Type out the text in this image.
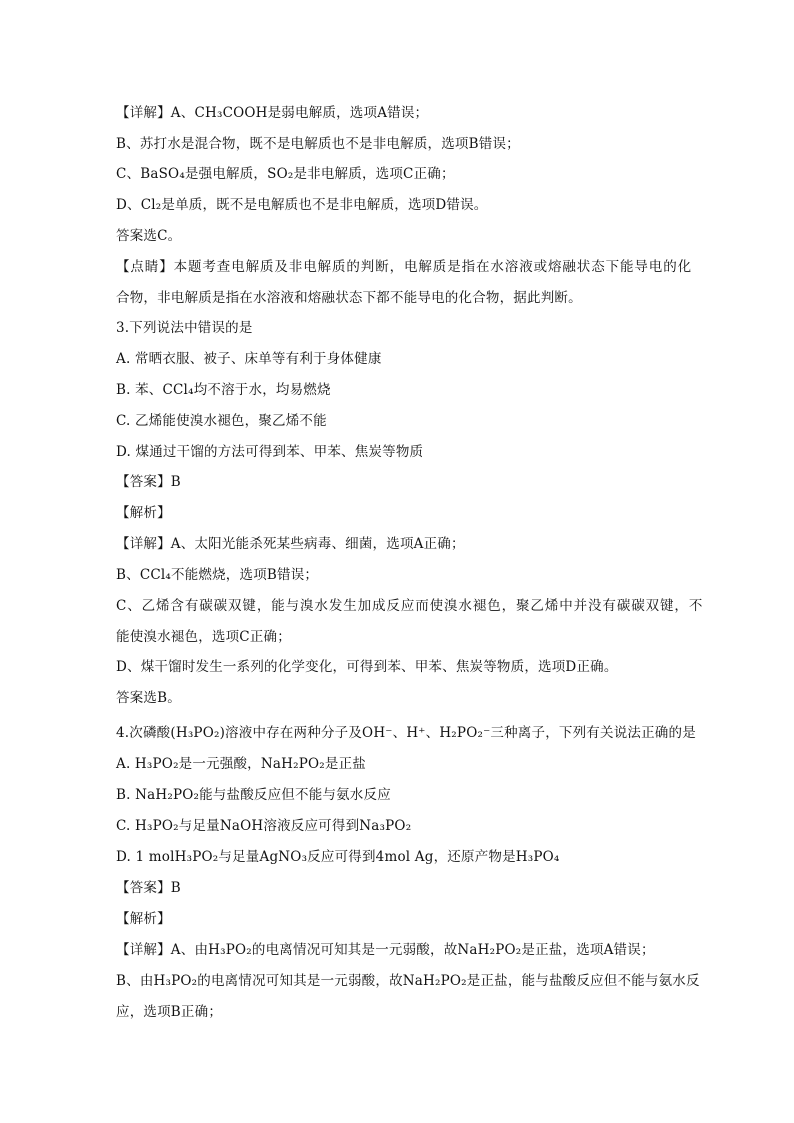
【详解】A、CH₃COOH是弱电解质，选项A错误；
B、苏打水是混合物，既不是电解质也不是非电解质，选项B错误；
C、BaSO₄是强电解质，SO₂是非电解质，选项C正确；
D、Cl₂是单质，既不是电解质也不是非电解质，选项D错误。
答案选C。
【点睛】本题考查电解质及非电解质的判断，电解质是指在水溶液或熔融状态下能导电的化
合物，非电解质是指在水溶液和熔融状态下都不能导电的化合物，据此判断。
3.下列说法中错误的是
A. 常晒衣服、被子、床单等有利于身体健康
B. 苯、CCl₄均不溶于水，均易燃烧
C. 乙烯能使溴水褪色，聚乙烯不能
D. 煤通过干馏的方法可得到苯、甲苯、焦炭等物质
【答案】B
【解析】
【详解】A、太阳光能杀死某些病毒、细菌，选项A正确；
B、CCl₄不能燃烧，选项B错误；
C、乙烯含有碳碳双键，能与溴水发生加成反应而使溴水褪色，聚乙烯中并没有碳碳双键，不
能使溴水褪色，选项C正确；
D、煤干馏时发生一系列的化学变化，可得到苯、甲苯、焦炭等物质，选项D正确。
答案选B。
4.次磷酸(H₃PO₂)溶液中存在两种分子及OH⁻、H⁺、H₂PO₂⁻三种离子，下列有关说法正确的是
A. H₃PO₂是一元强酸，NaH₂PO₂是正盐
B. NaH₂PO₂能与盐酸反应但不能与氨水反应
C. H₃PO₂与足量NaOH溶液反应可得到Na₃PO₂
D. 1 molH₃PO₂与足量AgNO₃反应可得到4mol Ag，还原产物是H₃PO₄
【答案】B
【解析】
【详解】A、由H₃PO₂的电离情况可知其是一元弱酸，故NaH₂PO₂是正盐，选项A错误；
B、由H₃PO₂的电离情况可知其是一元弱酸，故NaH₂PO₂是正盐，能与盐酸反应但不能与氨水反
应，选项B正确；
